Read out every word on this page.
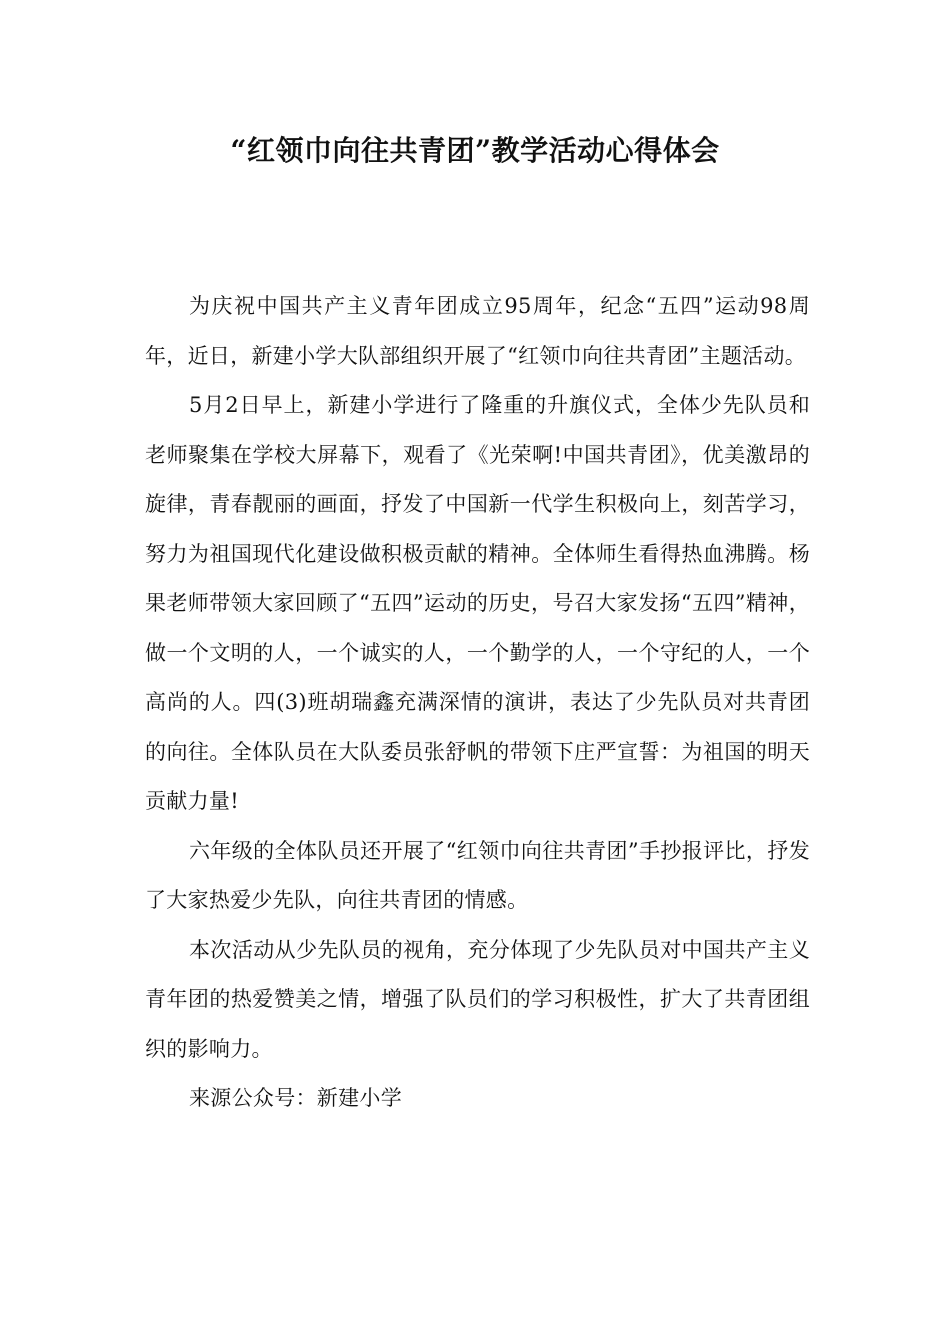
“红领巾向往共青团”教学活动心得体会

为庆祝中国共产主义青年团成立95周年，纪念“五四”运动98周年，近日，新建小学大队部组织开展了“红领巾向往共青团”主题活动。

5月2日早上，新建小学进行了隆重的升旗仪式，全体少先队员和老师聚集在学校大屏幕下，观看了《光荣啊!中国共青团》，优美激昂的旋律，青春靓丽的画面，抒发了中国新一代学生积极向上，刻苦学习，努力为祖国现代化建设做积极贡献的精神。全体师生看得热血沸腾。杨果老师带领大家回顾了“五四”运动的历史，号召大家发扬“五四”精神，做一个文明的人，一个诚实的人，一个勤学的人，一个守纪的人，一个高尚的人。四(3)班胡瑞鑫充满深情的演讲，表达了少先队员对共青团的向往。全体队员在大队委员张舒帆的带领下庄严宣誓：为祖国的明天贡献力量!

六年级的全体队员还开展了“红领巾向往共青团”手抄报评比，抒发了大家热爱少先队，向往共青团的情感。

本次活动从少先队员的视角，充分体现了少先队员对中国共产主义青年团的热爱赞美之情，增强了队员们的学习积极性，扩大了共青团组织的影响力。

来源公众号：新建小学
